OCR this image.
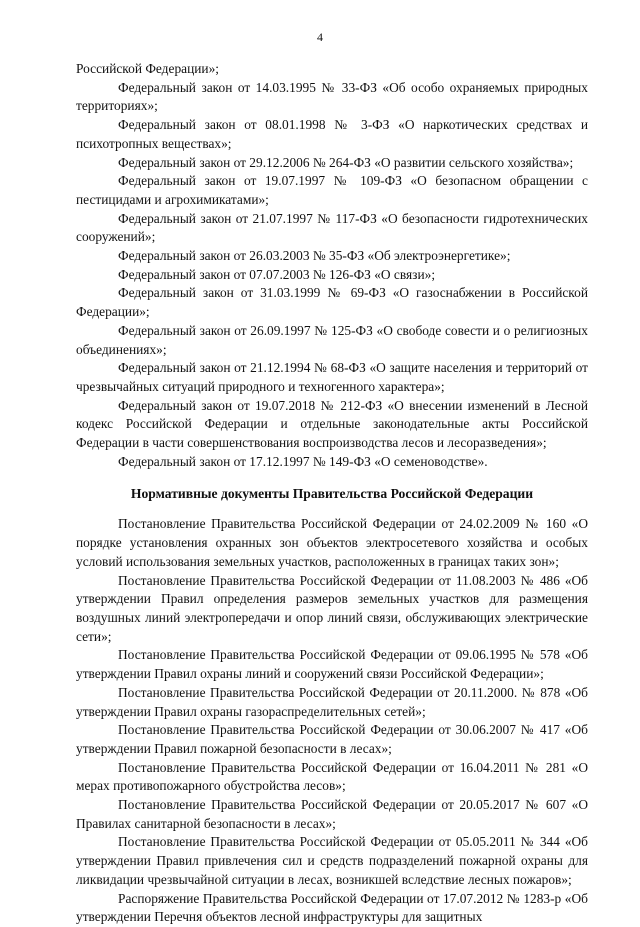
4

Российской Федерации»;

Федеральный закон от 14.03.1995 № 33-ФЗ «Об особо охраняемых природных территориях»;

Федеральный закон от 08.01.1998 № 3-ФЗ «О наркотических средствах и психотропных веществах»;

Федеральный закон от 29.12.2006 № 264-ФЗ «О развитии сельского хозяйства»;

Федеральный закон от 19.07.1997 № 109-ФЗ «О безопасном обращении с пестицидами и агрохимикатами»;

Федеральный закон от 21.07.1997 № 117-ФЗ «О безопасности гидротехнических сооружений»;

Федеральный закон от 26.03.2003 № 35-ФЗ «Об электроэнергетике»;

Федеральный закон от 07.07.2003 № 126-ФЗ «О связи»;

Федеральный закон от 31.03.1999 № 69-ФЗ «О газоснабжении в Российской Федерации»;

Федеральный закон от 26.09.1997 № 125-ФЗ «О свободе совести и о религиозных объединениях»;

Федеральный закон от 21.12.1994 № 68-ФЗ «О защите населения и территорий от чрезвычайных ситуаций природного и техногенного характера»;

Федеральный закон от 19.07.2018 № 212-ФЗ «О внесении изменений в Лесной кодекс Российской Федерации и отдельные законодательные акты Российской Федерации в части совершенствования воспроизводства лесов и лесоразведения»;

Федеральный закон от 17.12.1997 № 149-ФЗ «О семеноводстве».

Нормативные документы Правительства Российской Федерации

Постановление Правительства Российской Федерации от 24.02.2009 № 160 «О порядке установления охранных зон объектов электросетевого хозяйства и особых условий использования земельных участков, расположенных в границах таких зон»;

Постановление Правительства Российской Федерации от 11.08.2003 № 486 «Об утверждении Правил определения размеров земельных участков для размещения воздушных линий электропередачи и опор линий связи, обслуживающих электрические сети»;

Постановление Правительства Российской Федерации от 09.06.1995 № 578 «Об утверждении Правил охраны линий и сооружений связи Российской Федерации»;

Постановление Правительства Российской Федерации от 20.11.2000. № 878 «Об утверждении Правил охраны газораспределительных сетей»;

Постановление Правительства Российской Федерации от 30.06.2007 № 417 «Об утверждении Правил пожарной безопасности в лесах»;

Постановление Правительства Российской Федерации от 16.04.2011 № 281 «О мерах противопожарного обустройства лесов»;

Постановление Правительства Российской Федерации от 20.05.2017 № 607 «О Правилах санитарной безопасности в лесах»;

Постановление Правительства Российской Федерации от 05.05.2011 № 344 «Об утверждении Правил привлечения сил и средств подразделений пожарной охраны для ликвидации чрезвычайной ситуации в лесах, возникшей вследствие лесных пожаров»;

Распоряжение Правительства Российской Федерации от 17.07.2012 № 1283-р «Об утверждении Перечня объектов лесной инфраструктуры для защитных
